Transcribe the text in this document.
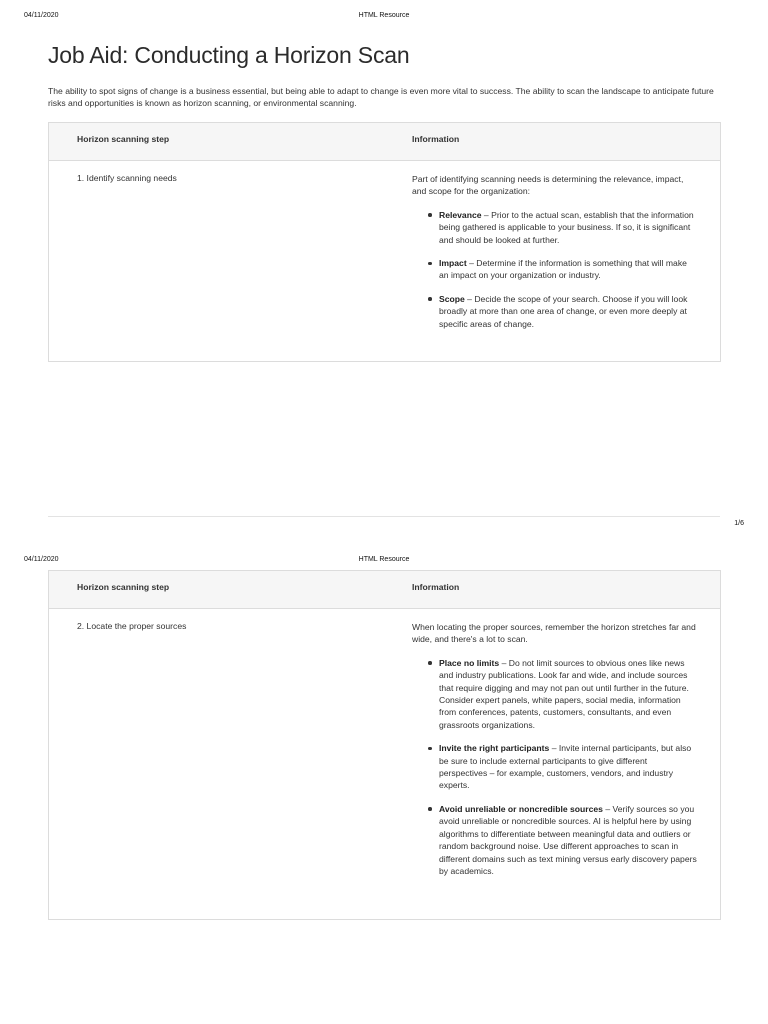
04/11/2020	HTML Resource
Job Aid: Conducting a Horizon Scan

The ability to spot signs of change is a business essential, but being able to adapt to change is even more vital to success. The ability to scan the landscape to anticipate future risks and opportunities is known as horizon scanning, or environmental scanning.

Horizon scanning step	Information
1. Identify scanning needs	Part of identifying scanning needs is determining the relevance, impact, and scope for the organization:

Relevance – Prior to the actual scan, establish that the information being gathered is applicable to your business. If so, it is significant and should be looked at further.
Impact – Determine if the information is something that will make an impact on your organization or industry.
Scope – Decide the scope of your search. Choose if you will look broadly at more than one area of change, or even more deeply at specific areas of change.
1/6
04/11/2020	HTML Resource
Horizon scanning step	Information
2. Locate the proper sources	When locating the proper sources, remember the horizon stretches far and wide, and there's a lot to scan.

Place no limits – Do not limit sources to obvious ones like news and industry publications. Look far and wide, and include sources that require digging and may not pan out until further in the future. Consider expert panels, white papers, social media, information from conferences, patents, customers, consultants, and even grassroots organizations.
Invite the right participants – Invite internal participants, but also be sure to include external participants to give different perspectives – for example, customers, vendors, and industry experts.
Avoid unreliable or noncredible sources – Verify sources so you avoid unreliable or noncredible sources. AI is helpful here by using algorithms to differentiate between meaningful data and outliers or random background noise. Use different approaches to scan in different domains such as text mining versus early discovery papers by academics.
